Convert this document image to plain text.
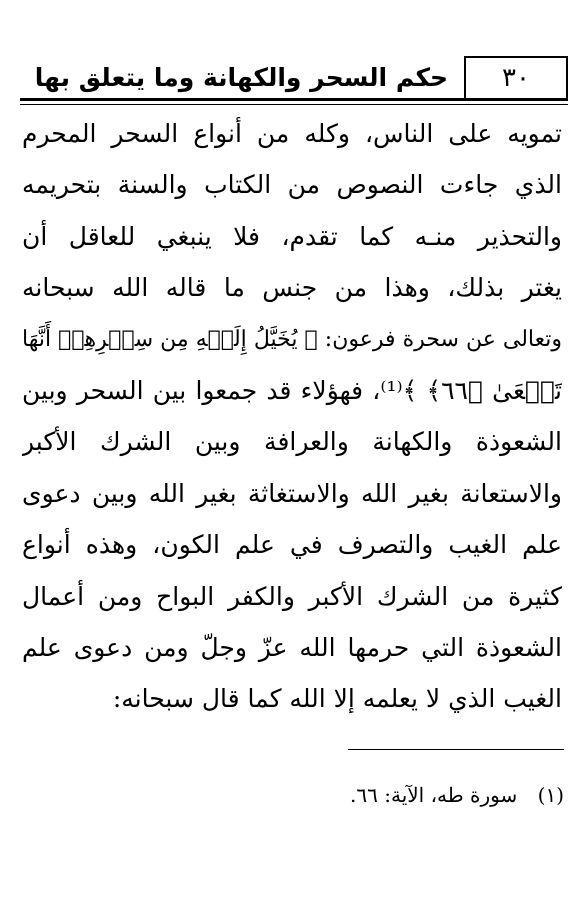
حكم السحر والكهانة وما يتعلق بها	٣٠
تمويه على الناس، وكله من أنواع السحر المحرم
الذي جاءت النصوص من الكتاب والسنة بتحريمه
والتحذير منـه كما تقدم، فلا ينبغي للعاقل أن
يغتر بذلك، وهذا من جنس ما قاله الله سبحانه
وتعالى عن سحرة فرعون: ﴿ يُخَيَّلُ إِلَيۡهِ مِن سِحۡرِهِمۡ أَنَّهَا
تَسۡعَىٰ ﴿٦٦﴾ ﴾⁽¹⁾، فهؤلاء قد جمعوا بين السحر وبين
الشعوذة والكهانة والعرافة وبين الشرك الأكبر
والاستعانة بغير الله والاستغاثة بغير الله وبين دعوى
علم الغيب والتصرف في علم الكون، وهذه أنواع
كثيرة من الشرك الأكبر والكفر البواح ومن أعمال
الشعوذة التي حرمها الله عزّ وجلّ ومن دعوى علم
الغيب الذي لا يعلمه إلا الله كما قال سبحانه:
(١) سورة طه، الآية: ٦٦.
